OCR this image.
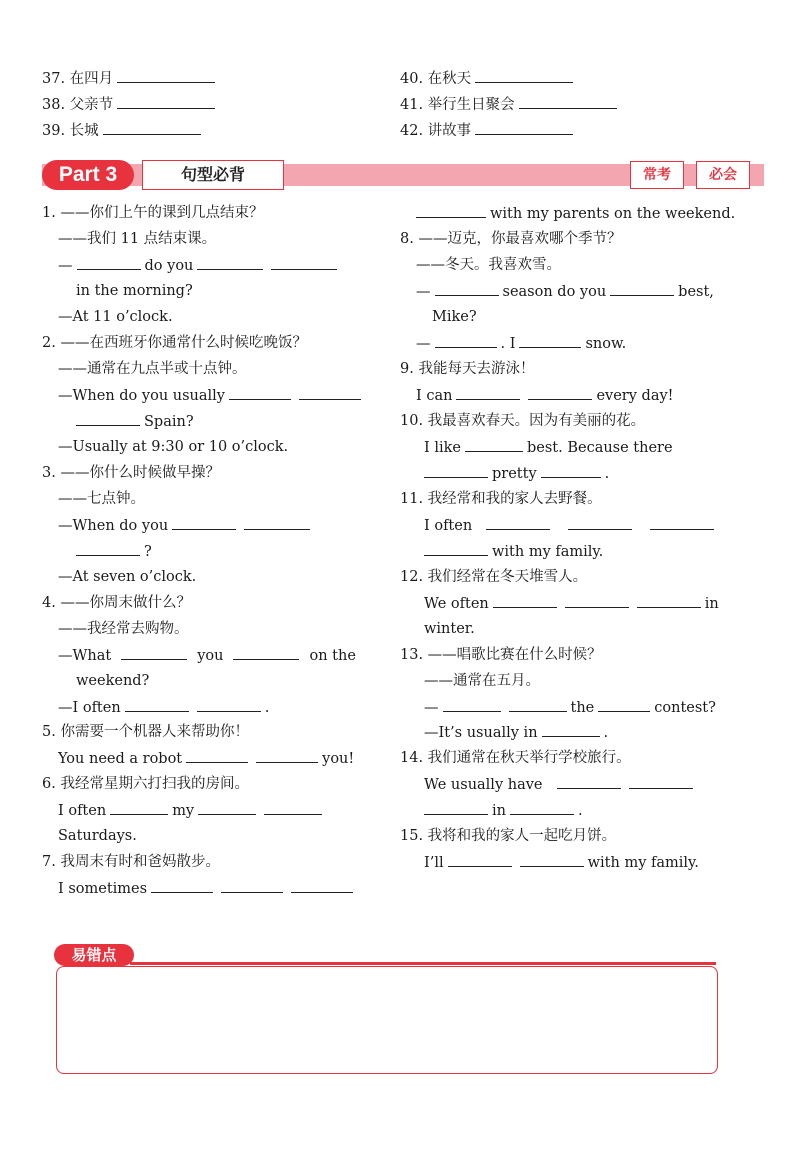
37. 在四月
38. 父亲节
39. 长城
40. 在秋天
41. 举行生日聚会
42. 讲故事
Part 3	句型必背	常考	必会
1. ——你们上午的课到几点结束？
——我们 11 点结束课。
—	do you
in the morning?
—At 11 o’clock.
2. ——在西班牙你通常什么时候吃晚饭？
——通常在九点半或十点钟。
—When do you usually
Spain?
—Usually at 9:30 or 10 o’clock.
3. ——你什么时候做早操？
——七点钟。
—When do you
?
—At seven o’clock.
4. ——你周末做什么？
——我经常去购物。
—What	you	on the
weekend?
—I often	.
5. 你需要一个机器人来帮助你！
You need a robot	you!
6. 我经常星期六打扫我的房间。
I often	my
Saturdays.
7. 我周末有时和爸妈散步。
I sometimes
with my parents on the weekend.
8. ——迈克，你最喜欢哪个季节？
——冬天。我喜欢雪。
—	season do you	best,
Mike?
—	. I	snow.
9. 我能每天去游泳！
I can	every day!
10. 我最喜欢春天。因为有美丽的花。
I like	best. Because there
pretty	.
11. 我经常和我的家人去野餐。
I often
with my family.
12. 我们经常在冬天堆雪人。
We often	in
winter.
13. ——唱歌比赛在什么时候？
——通常在五月。
—	the	contest?
—It’s usually in	.
14. 我们通常在秋天举行学校旅行。
We usually have
in	.
15. 我将和我的家人一起吃月饼。
I’ll	with my family.
易错点
